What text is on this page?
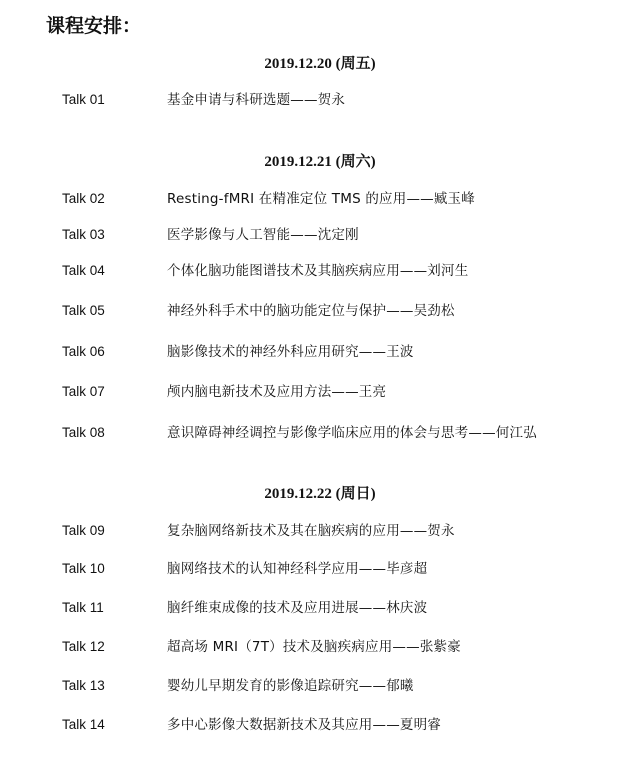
课程安排：
2019.12.20 (周五)
Talk 01	基金申请与科研选题——贺永
2019.12.21 (周六)
Talk 02	Resting-fMRI 在精准定位 TMS 的应用——臧玉峰
Talk 03	医学影像与人工智能——沈定刚
Talk 04	个体化脑功能图谱技术及其脑疾病应用——刘河生
Talk 05	神经外科手术中的脑功能定位与保护——吴劲松
Talk 06	脑影像技术的神经外科应用研究——王波
Talk 07	颅内脑电新技术及应用方法——王亮
Talk 08	意识障碍神经调控与影像学临床应用的体会与思考——何江弘
2019.12.22 (周日)
Talk 09	复杂脑网络新技术及其在脑疾病的应用——贺永
Talk 10	脑网络技术的认知神经科学应用——毕彦超
Talk 11	脑纤维束成像的技术及应用进展——林庆波
Talk 12	超高场 MRI（7T）技术及脑疾病应用——张紫豪
Talk 13	婴幼儿早期发育的影像追踪研究——郁曦
Talk 14	多中心影像大数据新技术及其应用——夏明睿
